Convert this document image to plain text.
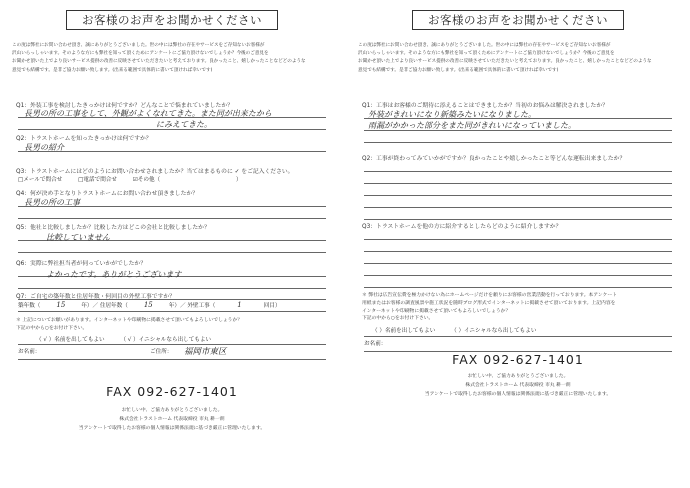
お客様のお声をお聞かせください
この度は弊社にお問い合わせ頂き、誠にありがとうございました。世の中には弊社の存在やサービスをご存知ないお客様が
沢山いらっしゃいます。そのような方にも弊社を知って頂くためにアンケートにご協力頂けないでしょうか？今後のご意見を
お聞かせ頂いた上でより良いサービス提供の改善に反映させていただきたいと考えております。良かったこと、嬉しかったことなどどのような
意見でも結構です。是非ご協力お願い致します。(出来る範囲で具体的に書いて頂ければ幸いです)
Q1：外装工事を検討したきっかけは何ですか？どんなことで悩まれていましたか？
長男の所の工事をして、外観がよくなれてきた。また同が出来たから
にみえてきた。
Q2：トラストホームを知ったきっかけは何ですか？
長男の紹介
Q3：トラストホームにはどのようにお問い合わせされましたか？当てはまるものに ✓ をご記入ください。
□メールで問合せ	□電話で問合せ	☑その他（	）
Q4：何が決め手となりトラストホームにお問い合わせ頂きましたか？
長男の所の工事
Q5：他社と比較しましたか？比較した方はどこの会社と比較しましたか？
比較していません
Q6：実際に弊社担当者が伺っていかがでしたか？
よかったです。ありがとうございます
Q7：ご自宅の築年数と住居年数・何回目の外壁工事ですか？
築年数（ 15	年）／ 住居年数（ 15	年）／ 外壁工事（	1	回目）
＊ 上記についてお願いがあります。インターネットや印刷物に掲載させて頂いてもよろしいでしょうか？
下記の中から○をお付け下さい。
（ √ ）名前を出してもよい	（ √ ）イニシャルなら出してもよい
お名前：	ご住所： 福岡市東区
FAX 092-627-1401
お忙しい中、ご協力ありがとうございました。
株式会社トラストホーム 代表取締役 市丸 耕一朗
当アンケートで取得したお客様の個人情報は関係法規に基づき厳正に管理いたします。
お客様のお声をお聞かせください
この度は弊社にお問い合わせ頂き、誠にありがとうございました。世の中には弊社の存在やサービスをご存知ないお客様が
沢山いらっしゃいます。そのような方にも弊社を知って頂くためにアンケートにご協力頂けないでしょうか？今後のご意見を
お聞かせ頂いた上でより良いサービス提供の改善に反映させていただきたいと考えております。良かったこと、嬉しかったことなどどのような
意見でも結構です。是非ご協力お願い致します。(出来る範囲で具体的に書いて頂ければ幸いです)
Q1：工事はお客様のご期待に添えることはできましたか？当初のお悩みは解決されましたか？
外装がきれいになり新築みたいになりました。
雨漏がかかった部分をまた同がきれいになっていました。
Q2：工事が終わってみていかがですか？良かったことや嬉しかったこと等どんな運転出来ましたか？
Q3：トラストホームを他の方に紹介するとしたらどのように紹介しますか？
＊ 弊社は広告宣伝費を極力かけない為にホームページだけを頼りにお客様の営業活動を行っております。本アンケート
用紙またはお客様の調査風景や施工状況を随時ブログ形式でインターネットに掲載させて頂いております。上記内容を
インターネットや印刷物に掲載させて頂いてもよろしいでしょうか？
下記の中から○をお付け下さい。
（ ）名前を出してもよい	（ ）イニシャルなら出してもよい
お名前：
FAX 092-627-1401
お忙しい中、ご協力ありがとうございました。
株式会社トラストホーム 代表取締役 市丸 耕一朗
当アンケートで取得したお客様の個人情報は関係法規に基づき厳正に管理いたします。
